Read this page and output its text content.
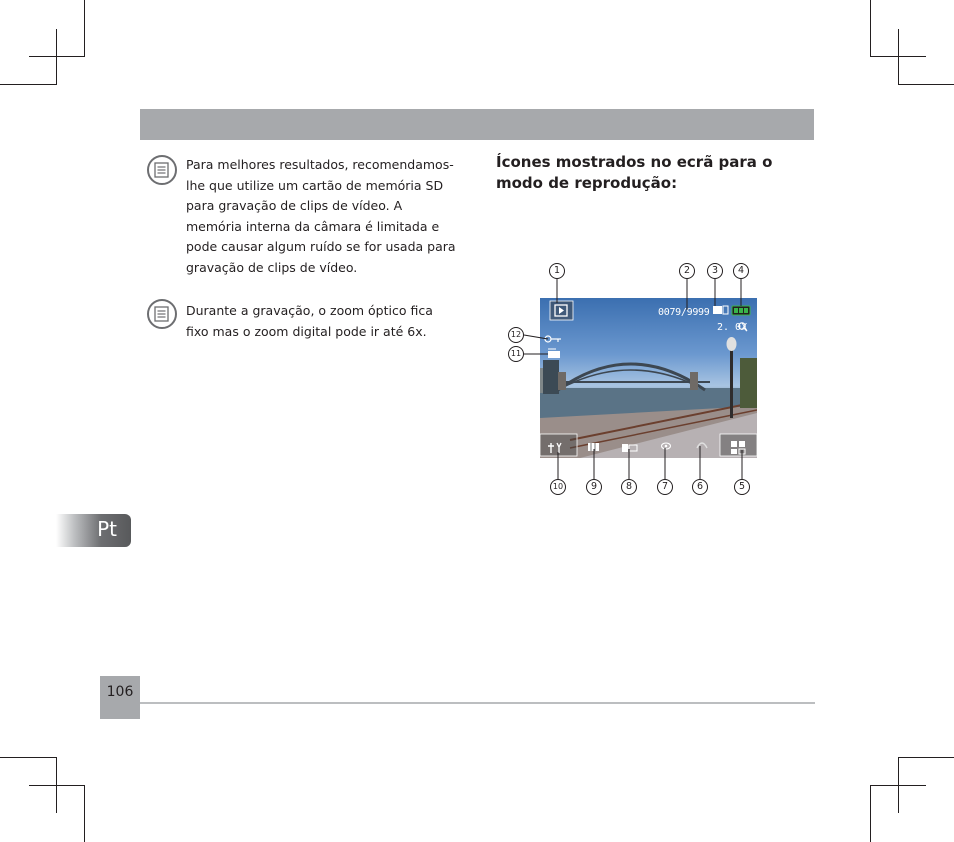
Para melhores resultados, recomendamos-lhe que utilize um cartão de memória SD para gravação de clips de vídeo. A memória interna da câmara é limitada e pode causar algum ruído se for usada para gravação de clips de vídeo.
Durante a gravação, o zoom óptico fica fixo mas o zoom digital pode ir até 6x.
Ícones mostrados no ecrã para o modo de reprodução:
0079/9999
2. 0X
1	2	3	4
5
6
7
8
9
10
11
12
Pt
106
